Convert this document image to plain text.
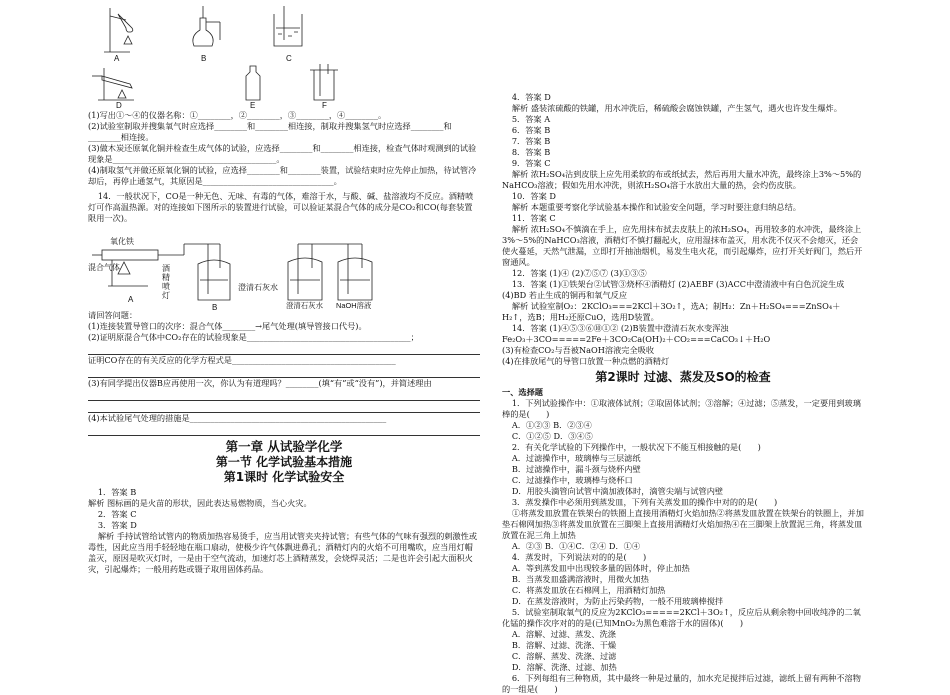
A	B	C
D	E	F

(1)写出①～④的仪器名称：①________，②________，③________，④________。

(2)试验室制取并搜集氧气时应选择________和________相连接，制取并搜集氢气时应选择________和________相连接。

(3)做木炭还原氧化铜并检查生成气体的试验，应选择________和________相连接，检查气体时观测到的试验现象是________________________________________。

(4)制取氢气并做还原氧化铜的试验，应选择________和________装置，试验结束时应先停止加热，待试管冷却后，再停止通氢气，其原因是________________________________。

14．一般状况下，CO是一种无色、无味、有毒的气体，难溶于水，与酸、碱、盐溶液均不反应。酒精喷灯可作高温热源。对的连接如下图所示的装置进行试验，可以验证某混合气体的成分是CO₂和CO(每套装置限用一次)。

氧化铁
混合气体	酒精喷灯
澄清石灰水
澄清石灰水 NaOH溶液
A
B

请回答问题：

(1)连接装置导管口的次序：混合气体________→尾气处理(填导管接口代号)。

(2)证明原混合气体中CO₂存在的试验现象是________________________________________；

证明CO存在的有关反应的化学方程式是________________________________________

(3)有同学提出仪器B应再使用一次，你认为有道理吗？________(填“有”或“没有”)，并简述理由

(4)本试验尾气处理的措施是________________________________________________

第一章 从试验学化学
第一节 化学试验基本措施
第1课时 化学试验安全

1．答案 B

解析 图标画的是火苗的形状，因此表达易燃物质，当心火灾。

2．答案 C

3．答案 D

解析 手持试管给试管内的物质加热容易烫手，应当用试管夹夹持试管；有些气体的气味有强烈的刺激性或毒性，因此应当用手轻轻地在瓶口扇动，使极少许气体飘进鼻孔；酒精灯内的火焰不可用嘴吹，应当用灯帽盖灭，原因是吹灭灯时，一是由于空气流动，加速灯芯上酒精蒸发，会烧焊灵活；二是也许会引起大面积火灾，引起爆炸；一般用药匙或镊子取用固体药品。

4．答案 D

解析 盛装浓硫酸的铁罐，用水冲洗后，稀硫酸会腐蚀铁罐，产生氢气，遇火也许发生爆炸。

5．答案 A

6．答案 B

7．答案 B

8．答案 B

9．答案 C

解析 浓H₂SO₄沾到皮肤上应先用柔软的布或纸拭去，然后再用大量水冲洗，最终涂上3%～5%的NaHCO₃溶液；假如先用水冲洗，则浓H₂SO₄溶于水放出大量的热，会灼伤皮肤。

10．答案 D

解析 本题重要考察化学试验基本操作和试验安全问题，学习时要注意归纳总结。

11．答案 C

解析 浓H₂SO₄不慎滴在手上，应先用抹布拭去皮肤上的浓H₂SO₄，再用较多的水冲洗，最终涂上3%～5%的NaHCO₃溶液，酒精灯不慎打翻起火，应用湿抹布盖灭，用水洗不仅灭不会熄灭，还会使火蔓延，天然气泄漏，立即打开抽油烟机，易发生电火花，而引起爆炸，应打开关好阀门，然后开窗通风。

12．答案 (1)④ (2)⑦⑤⑦ (3)①③⑤

13．答案 (1)①铁架台②试管③烧杯④酒精灯 (2)AEBF (3)ACC中澄清液中有白色沉淀生成 (4)BD 若止生成的铜再和氧气反应

解析 试验室制O₂：2KClO₃===2KCl＋3O₂↑，选A；制H₂：Zn＋H₂SO₄===ZnSO₄＋H₂↑，选B；用H₂还原CuO，选用D装置。

14．答案 (1)④⑤③⑥⑩①② (2)B装置中澄清石灰水变浑浊

Fe₂O₃＋3CO=====2Fe＋3CO₂Ca(OH)₂＋CO₂===CaCO₃↓＋H₂O

(3)有检查CO₂与吾被NaOH溶液完全吸收

(4)在排放尾气的导管口放置一种点燃的酒精灯

第2课时 过滤、蒸发及SO的检查

一、选择题

1．下列试验操作中：①取液体试剂；②取固体试剂；③溶解；④过滤；⑤蒸发，一定要用到玻璃棒的是(　　)

A．①②③ B．②③④

C．①②⑤ D．③④⑤

2．有关化学试验的下列操作中，一般状况下不能互相接触的是(　　)

A．过滤操作中，玻璃棒与三层滤纸

B．过滤操作中，漏斗颈与烧杯内壁

C．过滤操作中，玻璃棒与烧杯口

D．用胶头滴管向试管中滴加液体时，滴管尖端与试管内壁

3．蒸发操作中必须用到蒸发皿，下列有关蒸发皿的操作中对的的是(　　)

①将蒸发皿放置在铁架台的铁圈上直接用酒精灯火焰加热②将蒸发皿放置在铁架台的铁圈上，并加垫石棉网加热③将蒸发皿放置在三脚架上直接用酒精灯火焰加热④在三脚架上放置泥三角，将蒸发皿放置在泥三角上加热

A．②③ B．①④C．②④ D．①④

4．蒸发时，下列说法对的的是(　　)

A．等到蒸发皿中出现较多量的固体时，停止加热

B．当蒸发皿盛满溶液时，用微火加热

C．将蒸发皿放在石棉网上，用酒精灯加热

D．在蒸发溶液时，为防止污染药物，一般不用玻璃棒搅拌

5．试验室制取氧气的反应为2KClO₃=====2KCl＋3O₂↑，反应后从剩余物中回收纯净的二氧化锰的操作次序对的的是(已知MnO₂为黑色难溶于水的固体)(　　)

A．溶解、过滤、蒸发、洗涤

B．溶解、过滤、洗涤、干燥

C．溶解、蒸发、洗涤、过滤

D．溶解、洗涤、过滤、加热

6．下列每组有三种物质，其中最终一种是过量的，加水充足搅拌后过滤，滤纸上留有两种不溶物的一组是(　　)
